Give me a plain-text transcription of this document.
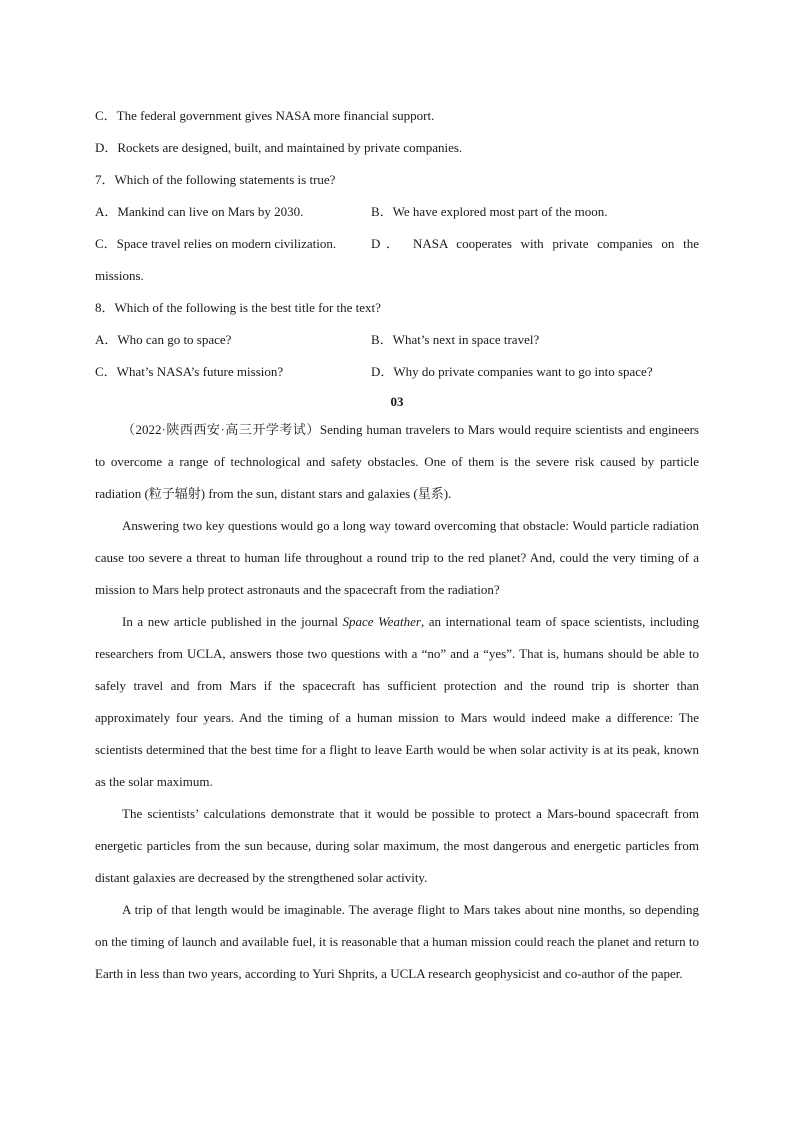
C．The federal government gives NASA more financial support.
D．Rockets are designed, built, and maintained by private companies.
7．Which of the following statements is true?
A．Mankind can live on Mars by 2030.	B．We have explored most part of the moon.
C．Space travel relies on modern civilization.	D． NASA cooperates with private companies on the
missions.
8．Which of the following is the best title for the text?
A．Who can go to space?	B．What’s next in space travel?
C．What’s NASA’s future mission?	D．Why do private companies want to go into space?
03

（2022·陕西西安·高三开学考试）Sending human travelers to Mars would require scientists and engineers to overcome a range of technological and safety obstacles. One of them is the severe risk caused by particle radiation (粒子辐射) from the sun, distant stars and galaxies (星系).

Answering two key questions would go a long way toward overcoming that obstacle: Would particle radiation cause too severe a threat to human life throughout a round trip to the red planet? And, could the very timing of a mission to Mars help protect astronauts and the spacecraft from the radiation?

In a new article published in the journal Space Weather, an international team of space scientists, including researchers from UCLA, answers those two questions with a “no” and a “yes”. That is, humans should be able to safely travel and from Mars if the spacecraft has sufficient protection and the round trip is shorter than approximately four years. And the timing of a human mission to Mars would indeed make a difference: The scientists determined that the best time for a flight to leave Earth would be when solar activity is at its peak, known as the solar maximum.

The scientists’ calculations demonstrate that it would be possible to protect a Mars-bound spacecraft from energetic particles from the sun because, during solar maximum, the most dangerous and energetic particles from distant galaxies are decreased by the strengthened solar activity.

A trip of that length would be imaginable. The average flight to Mars takes about nine months, so depending on the timing of launch and available fuel, it is reasonable that a human mission could reach the planet and return to Earth in less than two years, according to Yuri Shprits, a UCLA research geophysicist and co-author of the paper.
